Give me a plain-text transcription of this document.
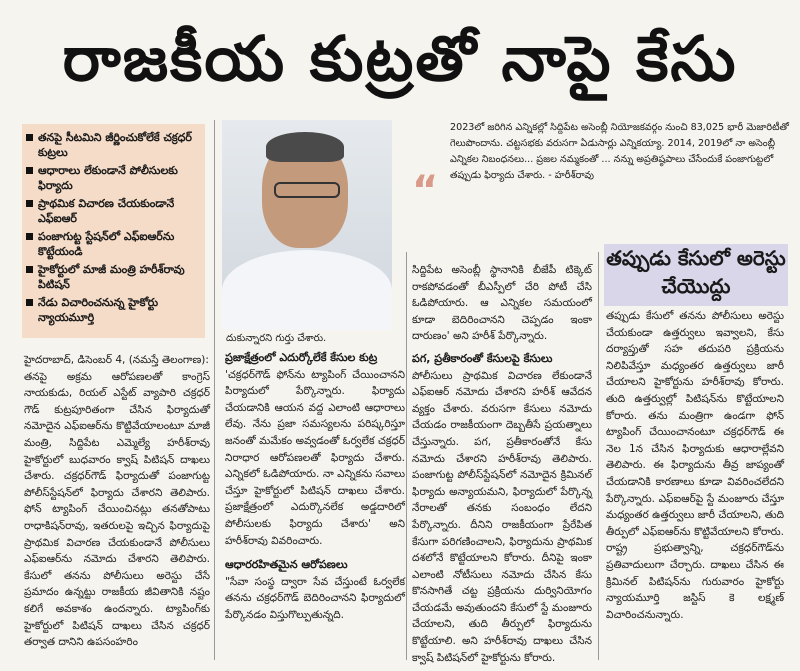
రాజకీయ కుట్రతో నాపై కేసు
తనపై సీటమిని జీర్ణించుకోలేకే చక్రధర్ కుట్రలు
ఆధారాలు లేకుండానే పోలీసులకు ఫిర్యాదు
ప్రాథమిక విచారణ చేయకుండానే ఎఫ్ఐఆర్
పంజాగుట్ట స్టేషన్‌లో ఎఫ్ఐఆర్‌ను కొట్టేయండి
హైకోర్టులో మాజీ మంత్రి హరీశ్‌రావు పిటిషన్
నేడు విచారించనున్న హైకోర్టు న్యాయమూర్తి
దుకున్నారని గుర్తు చేశారు.
“
2023లో జరిగిన ఎన్నికల్లో సిద్దిపేట అసెంబ్లీ నియోజకవర్గం నుంచి 83,025 భారీ మెజారిటీతో గెలుపొందాను. చట్టసభకు వరుసగా ఏడుసార్లు ఎన్నికయ్యా. 2014, 2019లో నా అసెంబ్లీ ఎన్నికల నిబంధనలు... ప్రజల నమ్మకంతో ... నన్ను అప్రతిష్ఠపాలు చేసేందుకే పంజాగుట్టలో తప్పుడు ఫిర్యాదు చేశారు. - హరీశ్‌రావు
హైదరాబాద్, డిసెంబర్ 4, (నమస్తే తెలంగాణ):
తనపై అక్రమ ఆరోపణలతో కాంగ్రెస్ నాయకుడు, రియల్ ఎస్టేట్ వ్యాపారి చక్రధర్ గౌడ్ కుట్రపూరితంగా చేసిన ఫిర్యాదుతో నమోదైన ఎఫ్ఐఆర్‌ను కొట్టివేయాలంటూ మాజీ మంత్రి, సిద్దిపేట ఎమ్మెల్యే హరీశ్‌రావు హైకోర్టులో బుధవారం క్వాష్ పిటిషన్ దాఖలు చేశారు. చక్రధర్‌గౌడ్ ఫిర్యాదుతో పంజాగుట్ట పోలీస్‌స్టేషన్‌లో ఫిర్యాదు చేశారని తెలిపారు. ఫోన్ ట్యాపింగ్ చేయించినట్లు తనతోపాటు రాధాకిషన్‌రావు, ఇతరులపై ఇచ్చిన ఫిర్యాదుపై ప్రాథమిక విచారణ చేయకుండానే పోలీసులు ఎఫ్ఐఆర్‌ను నమోదు చేశారని తెలిపారు. కేసులో తనను పోలీసులు అరెస్టు చేసే ప్రమాదం ఉన్నట్టు రాజకీయ జీవితానికి నష్టం కలిగే అవకాశం ఉందన్నారు. ట్యాపింగ్‌కు హైకోర్టులో పిటిషన్ దాఖలు చేసిన చక్రధర్ తర్వాత దానిని ఉపసంహరిం
ప్రజాక్షేత్రంలో ఎదుర్కోలేకే కేసుల కుట్ర
'చక్రధర్‌గౌడ్ ఫోన్‌ను ట్యాపింగ్ చేయించానని పిర్యాదులో పేర్కొన్నారు. ఫిర్యాదు చేయడానికి ఆయన వద్ద ఎలాంటి ఆధారాలు లేవు. నేను ప్రజా సమస్యలను పరిష్కరిస్తూ జనంతో మమేకం అవ్వడంతో ఓర్వలేక చక్రధర్ నిరాధార ఆరోపణలతో ఫిర్యాదు చేశారు. ఎన్నికలో ఓడిపోయారు. నా ఎన్నికను సవాలు చేస్తూ హైకోర్టులో పిటిషన్ దాఖలు చేశారు. ప్రజాక్షేత్రంలో ఎదుర్కొనలేక అడ్డదారిలో పోలీసులకు ఫిర్యాదు చేశారు' అని హరీశ్‌రావు వివరించారు.
ఆధారరహితమైన ఆరోపణలు
"సేవా సంస్థ ద్వారా సేవ చేస్తుంటే ఓర్వలేక తనను చక్రధర్‌గౌడ్ బెదిరించానని ఫిర్యాదులో పేర్కొనడం విస్తుగొల్పుతున్నది.
సిద్దిపేట అసెంబ్లీ స్థానానికి బీజేపీ టిక్కెట్ రాకపోవడంతో బీఎస్పీలో చేరి పోటీ చేసి ఓడిపోయారు. ఆ ఎన్నికల సమయంలో కూడా బెదిరించానని చెప్పడం ఇంకా దారుణం' అని హరీశ్ పేర్కొన్నారు.
పగ, ప్రతీకారంతో కేసులపై కేసులు
పోలీసులు ప్రాథమిక విచారణ లేకుండానే ఎఫ్ఐఆర్ నమోదు చేశారని హరీశ్ ఆవేదన వ్యక్తం చేశారు. వరుసగా కేసులు నమోదు చేయడం రాజకీయంగా దెబ్బతీసే ప్రయత్నాలు చేస్తున్నారు. పగ, ప్రతీకారంతోనే కేసు నమోదు చేశారని హరీశ్‌రావు తెలిపారు. పంజాగుట్ట పోలీస్‌స్టేషన్‌లో నమోదైన క్రిమినల్ ఫిర్యాదు అన్యాయమని, ఫిర్యాదులో పేర్కొన్న నేరాలతో తనకు సంబంధం లేదని పేర్కొన్నారు. దీనిని రాజకీయంగా ప్రేరేపిత కేసుగా పరిగణించాలని, ఫిర్యాదును ప్రాథమిక దశలోనే కొట్టేయాలని కోరారు. దీనిపై ఇంకా ఎలాంటి నోటీసులు నమోదు చేసిన కేసు కొనసాగితే చట్ట ప్రక్రియను దుర్వినియోగం చేయడమే అవుతుందని కేసులో స్టే మంజూరు చేయాలని, తుది తీర్పులో ఫిర్యాదును కొట్టేయాలి. అని హరీశ్‌రావు దాఖలు చేసిన క్వాష్ పిటిషన్‌లో హైకోర్టును కోరారు.
తప్పుడు కేసులో అరెస్టు చేయొద్దు
తప్పుడు కేసులో తనను పోలీసులు అరెస్టు చేయకుండా ఉత్తర్వులు ఇవ్వాలని, కేసు దర్యాప్తుతో సహ తదుపరి ప్రక్రియను నిలిపివేస్తూ మధ్యంతర ఉత్తర్వులు జారీ చేయాలని హైకోర్టును హరీశ్‌రావు కోరారు. తుది ఉత్తర్వుల్లో పిటిషన్‌ను కొట్టేయాలని కోరారు. తను మంత్రిగా ఉండగా ఫోన్ ట్యాపింగ్ చేయించానంటూ చక్రధర్‌గౌడ్ ఈ నెల 1న చేసిన ఫిర్యాదుకు ఆధారాల్లేవని తెలిపారు. ఈ ఫిర్యాదును తీవ్ర జాప్యంతో చేయడానికి కారణాలు కూడా వివరించలేదని పేర్కొన్నారు. ఎఫ్ఐఆర్‌పై స్టే మంజూరు చేస్తూ మధ్యంతర ఉత్తర్వులు జారీ చేయాలని, తుది తీర్పులో ఎఫ్ఐఆర్‌ను కొట్టివేయాలని కోరారు. రాష్ట్ర ప్రభుత్వాన్ని, చక్రధర్‌గౌడ్‌ను ప్రతివాదులుగా చేర్చారు. దాఖలు చేసిన ఈ క్రిమినల్ పిటిషన్‌ను గురువారం హైకోర్టు న్యాయమూర్తి జస్టిస్ కె లక్ష్మణ్ విచారించనున్నారు.
